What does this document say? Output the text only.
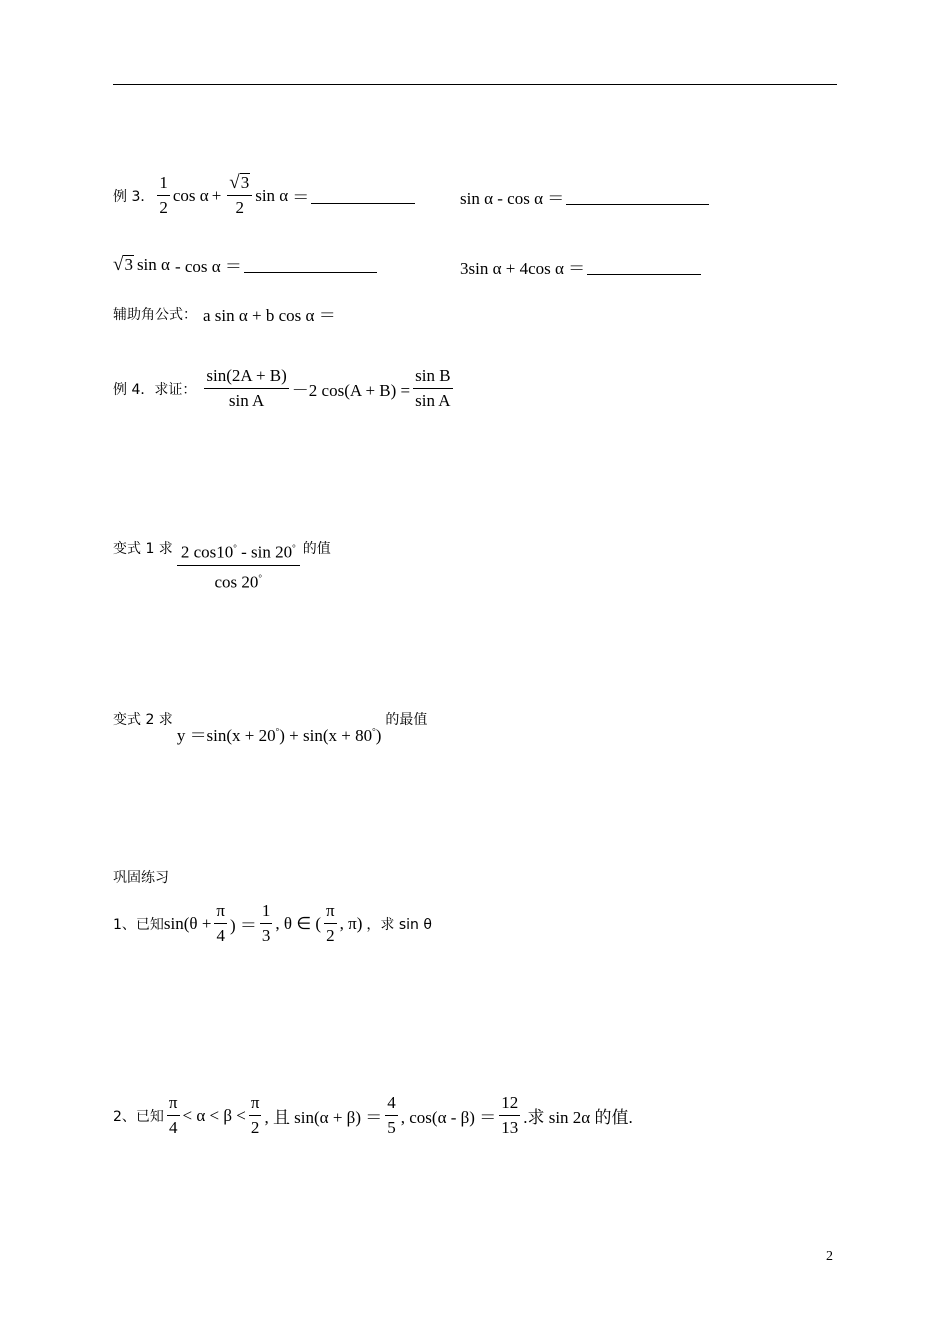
例 3． $\frac{1}{2}$ $\cos \alpha + \frac{√ 3}{2}$ sin α ＝	sin α - cos α ＝
√ 3 sin α - cos α ＝	3sin α + 4cos α ＝
辅助角公式： a sin α + b cos α ＝
例 4．求证： $\frac{\sin(2A + B)}{\text{sin A}} -2$ $\cos(A + B) = \frac{\text{sin B}}{\text{sin A}}$
变式 1 求 $\frac{2 \cos 10^\circ - \sin 20^\circ}{\cos 20^\circ}$ 的值
变式 2 求
y ＝sin(x + 20°) + sin(x + 80°)
的最值
巩固练习
1、已知 $\sin(\theta + \frac{\pi}{4}$ ) ＝ $\frac{1}{3}$ , θ ∈ ( $\frac{\pi}{2}$ , π) ，求 sin θ
2、已知 $\frac{\pi}{4} < \alpha < \beta < \frac{\pi}{2}$ , 且 $\sin(\alpha + \beta) = \frac{4}{5}$ , $\cos(\alpha - \beta) = \frac{12}{13}$ .求 sin 2α 的值.
2
